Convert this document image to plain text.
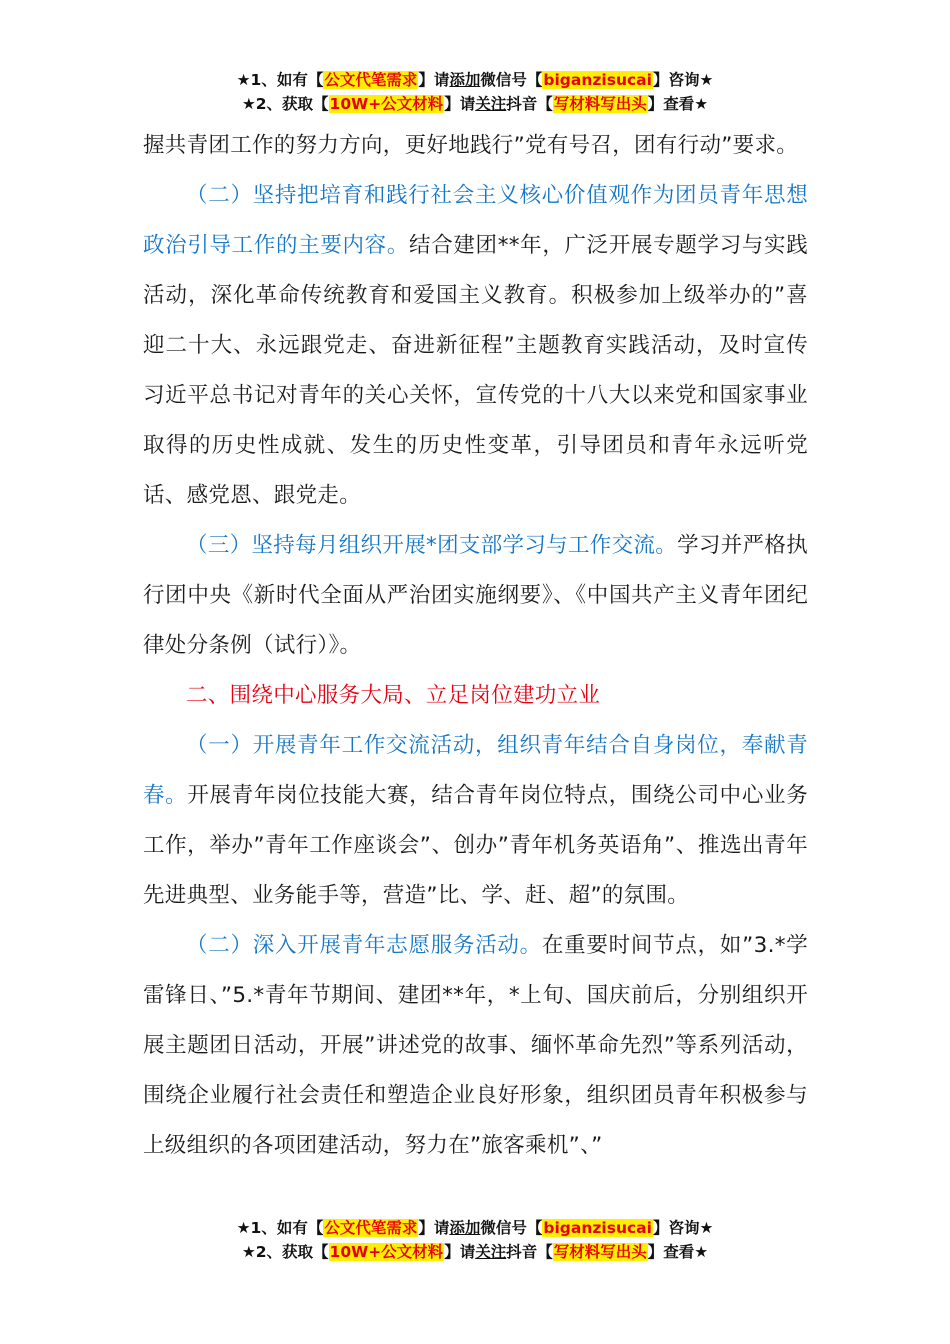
★1、如有【公文代笔需求】请添加微信号【biganzisucai】咨询★
★2、获取【10W+公文材料】请关注抖音【写材料写出头】查看★

握共青团工作的努力方向，更好地践行”党有号召，团有行动”要求。

（二）坚持把培育和践行社会主义核心价值观作为团员青年思想政治引导工作的主要内容。结合建团**年，广泛开展专题学习与实践活动，深化革命传统教育和爱国主义教育。积极参加上级举办的”喜迎二十大、永远跟党走、奋进新征程”主题教育实践活动，及时宣传习近平总书记对青年的关心关怀，宣传党的十八大以来党和国家事业取得的历史性成就、发生的历史性变革，引导团员和青年永远听党话、感党恩、跟党走。

（三）坚持每月组织开展*团支部学习与工作交流。学习并严格执行团中央《新时代全面从严治团实施纲要》、《中国共产主义青年团纪律处分条例（试行）》。

二、围绕中心服务大局、立足岗位建功立业

（一）开展青年工作交流活动，组织青年结合自身岗位，奉献青春。开展青年岗位技能大赛，结合青年岗位特点，围绕公司中心业务工作，举办”青年工作座谈会”、创办”青年机务英语角”、推选出青年先进典型、业务能手等，营造”比、学、赶、超”的氛围。

（二）深入开展青年志愿服务活动。在重要时间节点，如”3.*学雷锋日、”5.*青年节期间、建团**年，*上旬、国庆前后，分别组织开展主题团日活动，开展”讲述党的故事、缅怀革命先烈”等系列活动，围绕企业履行社会责任和塑造企业良好形象，组织团员青年积极参与上级组织的各项团建活动，努力在”旅客乘机”、”

★1、如有【公文代笔需求】请添加微信号【biganzisucai】咨询★
★2、获取【10W+公文材料】请关注抖音【写材料写出头】查看★
